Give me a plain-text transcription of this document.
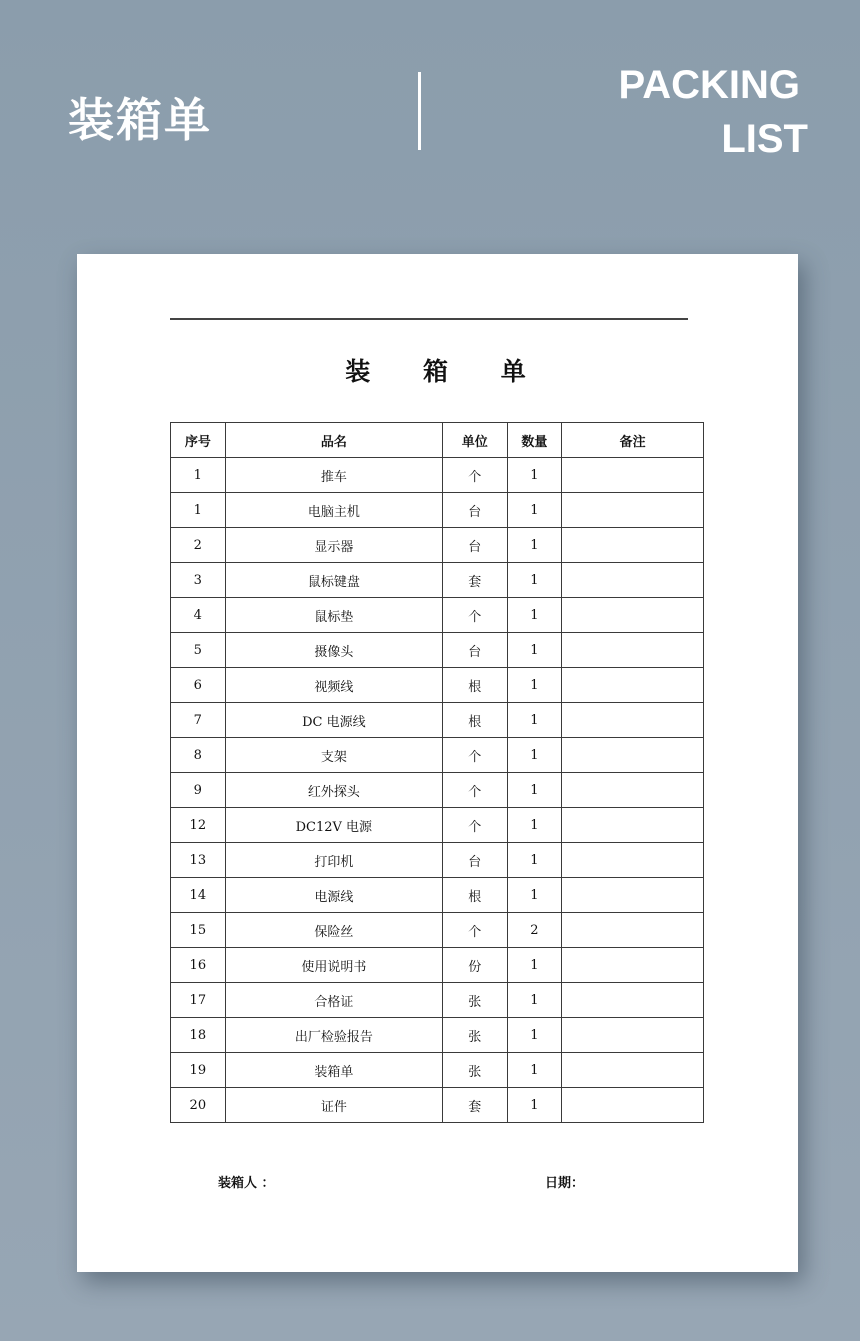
装箱单
PACKING
LIST
装 箱 单
序号	品名	单位	数量	备注
1	推车	个	1	
1	电脑主机	台	1	
2	显示器	台	1	
3	鼠标键盘	套	1	
4	鼠标垫	个	1	
5	摄像头	台	1	
6	视频线	根	1	
7	DC 电源线	根	1	
8	支架	个	1	
9	红外探头	个	1	
12	DC12V 电源	个	1	
13	打印机	台	1	
14	电源线	根	1	
15	保险丝	个	2	
16	使用说明书	份	1	
17	合格证	张	1	
18	出厂检验报告	张	1	
19	装箱单	张	1	
20	证件	套	1	
装箱人 ：	日期：
